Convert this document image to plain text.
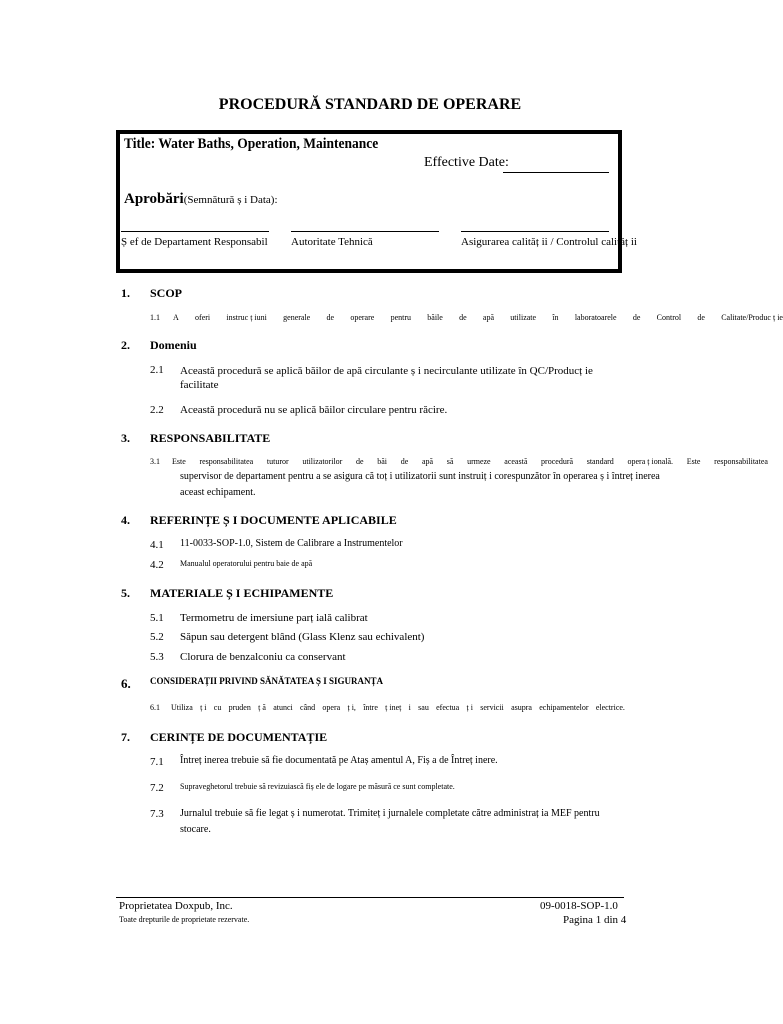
PROCEDURĂ STANDARD DE OPERARE
Title: Water Baths, Operation, Maintenance
Effective Date:
Aprobări(Semnătură ș i Data):
Ș ef de Departament Responsabil Autoritate Tehnică	Asigurarea calităț ii / Controlul calităț ii
1. SCOP
1.1 A oferi instruc ț iuni generale de operare pentru băile de apă utilizate în laboratoarele de Control de Calitate/Produc ț ie
2. Domeniu
2.1 Această procedură se aplică băilor de apă circulante ș i necirculante utilizate în QC/Producț ie
facilitate
2.2 Această procedură nu se aplică băilor circulare pentru răcire.
3. RESPONSABILITATE
3.1 Este responsabilitatea tuturor utilizatorilor de băi de apă să urmeze această procedură standard opera ț ională. Este responsabilitatea
supervisor de departament pentru a se asigura că toț i utilizatorii sunt instruiț i corespunzător în operarea ș i întreț inerea
aceast echipament.
4. REFERINȚE Ș I DOCUMENTE APLICABILE
4.1 11-0033-SOP-1.0, Sistem de Calibrare a Instrumentelor
4.2 Manualul operatorului pentru baie de apă
5. MATERIALE Ș I ECHIPAMENTE
5.1 Termometru de imersiune parț ială calibrat
5.2 Săpun sau detergent blând (Glass Klenz sau echivalent)
5.3 Clorura de benzalconiu ca conservant
6. CONSIDERAȚII PRIVIND SĂNĂTATEA Ș I SIGURANȚA
6.1 Utiliza ț i cu pruden ț ă atunci când opera ț i, între ț ineț i sau efectua ț i servicii asupra echipamentelor electrice.
7. CERINȚE DE DOCUMENTAȚIE
7.1 Întreț inerea trebuie să fie documentată pe Ataș amentul A, Fiș a de Întreț inere.
7.2 Supraveghetorul trebuie să revizuiască fiș ele de logare pe măsură ce sunt completate.
7.3 Jurnalul trebuie să fie legat ș i numerotat. Trimiteț i jurnalele completate către administraț ia MEF pentru
stocare.
Proprietatea Doxpub, Inc.
Toate drepturile de proprietate rezervate.
09-0018-SOP-1.0
Pagina 1 din 4
